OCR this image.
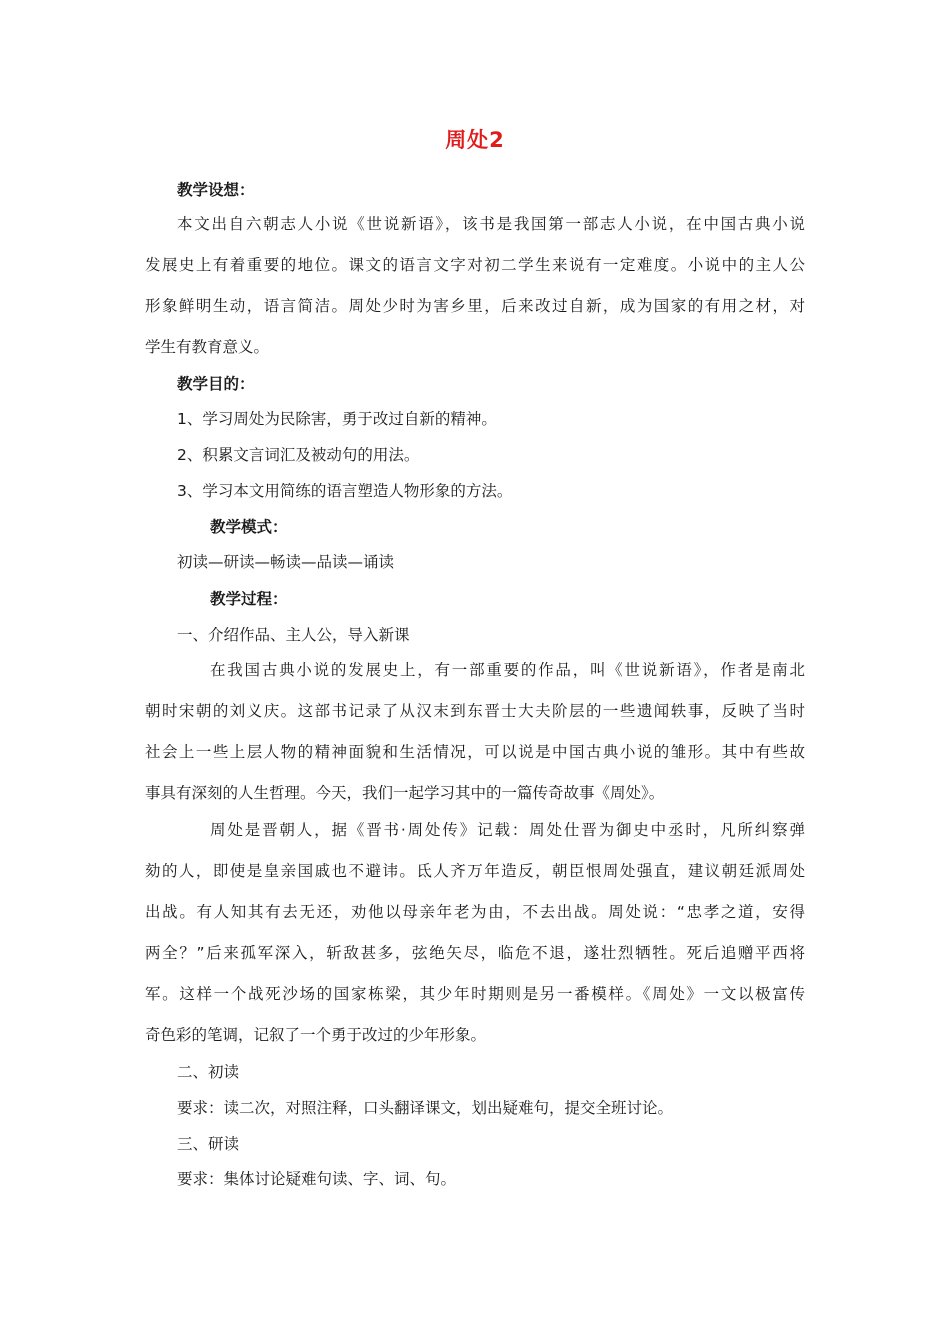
周处2
教学设想：
本文出自六朝志人小说《世说新语》，该书是我国第一部志人小说，在中国古典小说
发展史上有着重要的地位。课文的语言文字对初二学生来说有一定难度。小说中的主人公
形象鲜明生动，语言简洁。周处少时为害乡里，后来改过自新，成为国家的有用之材，对
学生有教育意义。
教学目的：
1、学习周处为民除害，勇于改过自新的精神。
2、积累文言词汇及被动句的用法。
3、学习本文用简练的语言塑造人物形象的方法。
教学模式：
初读—研读—畅读—品读—诵读
教学过程：
一、介绍作品、主人公，导入新课
在我国古典小说的发展史上，有一部重要的作品，叫《世说新语》，作者是南北
朝时宋朝的刘义庆。这部书记录了从汉末到东晋士大夫阶层的一些遗闻轶事，反映了当时
社会上一些上层人物的精神面貌和生活情况，可以说是中国古典小说的雏形。其中有些故
事具有深刻的人生哲理。今天，我们一起学习其中的一篇传奇故事《周处》。
周处是晋朝人，据《晋书·周处传》记载：周处仕晋为御史中丞时，凡所纠察弹
劾的人，即使是皇亲国戚也不避讳。氐人齐万年造反，朝臣恨周处强直，建议朝廷派周处
出战。有人知其有去无还，劝他以母亲年老为由，不去出战。周处说：“忠孝之道，安得
两全？”后来孤军深入，斩敌甚多，弦绝矢尽，临危不退，遂壮烈牺牲。死后追赠平西将
军。这样一个战死沙场的国家栋梁，其少年时期则是另一番模样。《周处》一文以极富传
奇色彩的笔调，记叙了一个勇于改过的少年形象。
二、初读
要求：读二次，对照注释，口头翻译课文，划出疑难句，提交全班讨论。
三、研读
要求：集体讨论疑难句读、字、词、句。
